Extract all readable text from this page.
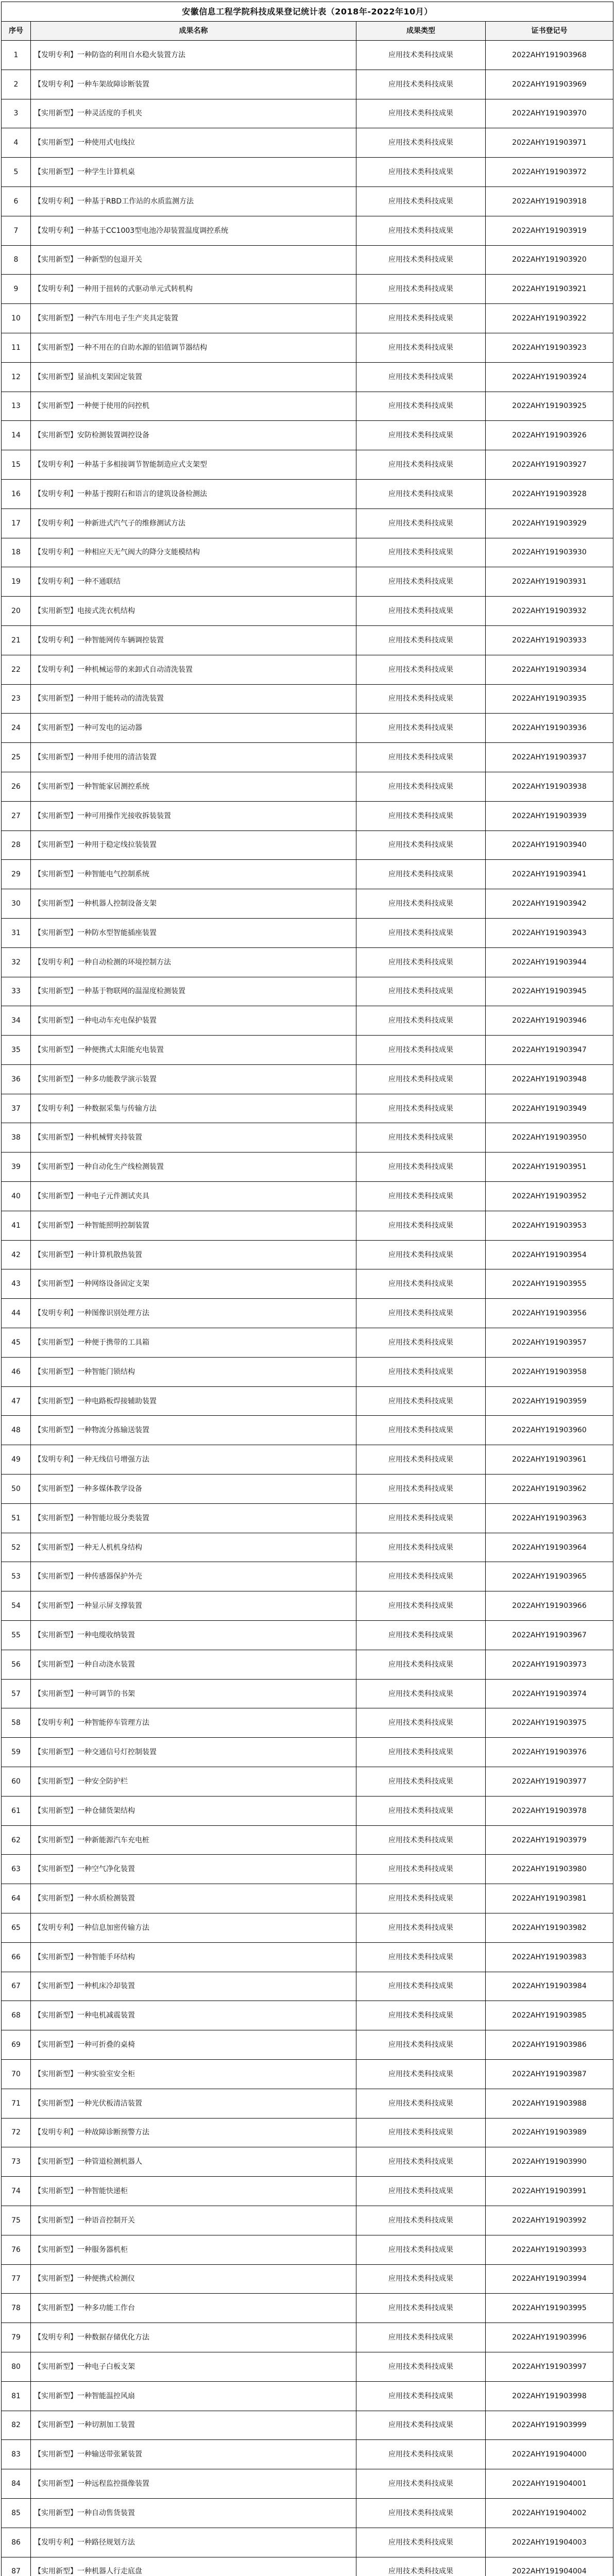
安徽信息工程学院科技成果登记统计表（2018年-2022年10月）			
序号	成果名称	成果类型	证书登记号
1	【发明专利】一种防盗的利用自水稳火装置方法	应用技术类科技成果	2022AHY191903968
2	【发明专利】一种车架故障诊断装置	应用技术类科技成果	2022AHY191903969
3	【实用新型】一种灵活度的手机夹	应用技术类科技成果	2022AHY191903970
4	【实用新型】一种使用式电线拉	应用技术类科技成果	2022AHY191903971
5	【实用新型】一种学生计算机桌	应用技术类科技成果	2022AHY191903972
6	【发明专利】一种基于RBD工作站的水质监测方法	应用技术类科技成果	2022AHY191903918
7	【发明专利】一种基于CC1003型电池冷却装置温度调控系统	应用技术类科技成果	2022AHY191903919
8	【实用新型】一种新型的包退开关	应用技术类科技成果	2022AHY191903920
9	【发明专利】一种用于扭转的式驱动单元式转机构	应用技术类科技成果	2022AHY191903921
10	【实用新型】一种汽车用电子生产夹具定装置	应用技术类科技成果	2022AHY191903922
11	【实用新型】一种不用在的自助水源的铝值调节器结构	应用技术类科技成果	2022AHY191903923
12	【实用新型】显油机支架固定装置	应用技术类科技成果	2022AHY191903924
13	【实用新型】一种便于使用的问控机	应用技术类科技成果	2022AHY191903925
14	【实用新型】安防检测装置调控设备	应用技术类科技成果	2022AHY191903926
15	【发明专利】一种基于多相接调节智能制造应式支架型	应用技术类科技成果	2022AHY191903927
16	【发明专利】一种基于搜附石和语言的建筑设备检测法	应用技术类科技成果	2022AHY191903928
17	【发明专利】一种新进式汽气子的维修测试方法	应用技术类科技成果	2022AHY191903929
18	【发明专利】一种相应天无气阀大的降分支能模结构	应用技术类科技成果	2022AHY191903930
19	【发明专利】一种不通联结	应用技术类科技成果	2022AHY191903931
20	【实用新型】电接式洗衣机结构	应用技术类科技成果	2022AHY191903932
21	【发明专利】一种智能网传车辆调控装置	应用技术类科技成果	2022AHY191903933
22	【发明专利】一种机械运带的来卸式自动清洗装置	应用技术类科技成果	2022AHY191903934
23	【实用新型】一种用于能转动的清洗装置	应用技术类科技成果	2022AHY191903935
24	【实用新型】一种可发电的运动器	应用技术类科技成果	2022AHY191903936
25	【实用新型】一种用手使用的清洁装置	应用技术类科技成果	2022AHY191903937
26	【实用新型】一种智能家居测控系统	应用技术类科技成果	2022AHY191903938
27	【实用新型】一种可用操作光接收拆装装置	应用技术类科技成果	2022AHY191903939
28	【实用新型】一种用于稳定线拉装装置	应用技术类科技成果	2022AHY191903940
29	【实用新型】一种智能电气控制系统	应用技术类科技成果	2022AHY191903941
30	【实用新型】一种机器人控制设备支架	应用技术类科技成果	2022AHY191903942
31	【实用新型】一种防水型智能插座装置	应用技术类科技成果	2022AHY191903943
32	【发明专利】一种自动检测的环境控制方法	应用技术类科技成果	2022AHY191903944
33	【实用新型】一种基于物联网的温湿度检测装置	应用技术类科技成果	2022AHY191903945
34	【实用新型】一种电动车充电保护装置	应用技术类科技成果	2022AHY191903946
35	【实用新型】一种便携式太阳能充电装置	应用技术类科技成果	2022AHY191903947
36	【实用新型】一种多功能教学演示装置	应用技术类科技成果	2022AHY191903948
37	【发明专利】一种数据采集与传输方法	应用技术类科技成果	2022AHY191903949
38	【实用新型】一种机械臂夹持装置	应用技术类科技成果	2022AHY191903950
39	【实用新型】一种自动化生产线检测装置	应用技术类科技成果	2022AHY191903951
40	【实用新型】一种电子元件测试夹具	应用技术类科技成果	2022AHY191903952
41	【实用新型】一种智能照明控制装置	应用技术类科技成果	2022AHY191903953
42	【实用新型】一种计算机散热装置	应用技术类科技成果	2022AHY191903954
43	【实用新型】一种网络设备固定支架	应用技术类科技成果	2022AHY191903955
44	【发明专利】一种图像识别处理方法	应用技术类科技成果	2022AHY191903956
45	【实用新型】一种便于携带的工具箱	应用技术类科技成果	2022AHY191903957
46	【实用新型】一种智能门锁结构	应用技术类科技成果	2022AHY191903958
47	【实用新型】一种电路板焊接辅助装置	应用技术类科技成果	2022AHY191903959
48	【实用新型】一种物流分拣输送装置	应用技术类科技成果	2022AHY191903960
49	【发明专利】一种无线信号增强方法	应用技术类科技成果	2022AHY191903961
50	【实用新型】一种多媒体教学设备	应用技术类科技成果	2022AHY191903962
51	【实用新型】一种智能垃圾分类装置	应用技术类科技成果	2022AHY191903963
52	【实用新型】一种无人机机身结构	应用技术类科技成果	2022AHY191903964
53	【实用新型】一种传感器保护外壳	应用技术类科技成果	2022AHY191903965
54	【实用新型】一种显示屏支撑装置	应用技术类科技成果	2022AHY191903966
55	【实用新型】一种电缆收纳装置	应用技术类科技成果	2022AHY191903967
56	【实用新型】一种自动浇水装置	应用技术类科技成果	2022AHY191903973
57	【实用新型】一种可调节的书架	应用技术类科技成果	2022AHY191903974
58	【发明专利】一种智能停车管理方法	应用技术类科技成果	2022AHY191903975
59	【实用新型】一种交通信号灯控制装置	应用技术类科技成果	2022AHY191903976
60	【实用新型】一种安全防护栏	应用技术类科技成果	2022AHY191903977
61	【实用新型】一种仓储货架结构	应用技术类科技成果	2022AHY191903978
62	【实用新型】一种新能源汽车充电桩	应用技术类科技成果	2022AHY191903979
63	【实用新型】一种空气净化装置	应用技术类科技成果	2022AHY191903980
64	【实用新型】一种水质检测装置	应用技术类科技成果	2022AHY191903981
65	【发明专利】一种信息加密传输方法	应用技术类科技成果	2022AHY191903982
66	【实用新型】一种智能手环结构	应用技术类科技成果	2022AHY191903983
67	【实用新型】一种机床冷却装置	应用技术类科技成果	2022AHY191903984
68	【实用新型】一种电机减震装置	应用技术类科技成果	2022AHY191903985
69	【实用新型】一种可折叠的桌椅	应用技术类科技成果	2022AHY191903986
70	【实用新型】一种实验室安全柜	应用技术类科技成果	2022AHY191903987
71	【实用新型】一种光伏板清洁装置	应用技术类科技成果	2022AHY191903988
72	【发明专利】一种故障诊断预警方法	应用技术类科技成果	2022AHY191903989
73	【实用新型】一种管道检测机器人	应用技术类科技成果	2022AHY191903990
74	【实用新型】一种智能快递柜	应用技术类科技成果	2022AHY191903991
75	【实用新型】一种语音控制开关	应用技术类科技成果	2022AHY191903992
76	【实用新型】一种服务器机柜	应用技术类科技成果	2022AHY191903993
77	【实用新型】一种便携式检测仪	应用技术类科技成果	2022AHY191903994
78	【实用新型】一种多功能工作台	应用技术类科技成果	2022AHY191903995
79	【发明专利】一种数据存储优化方法	应用技术类科技成果	2022AHY191903996
80	【实用新型】一种电子白板支架	应用技术类科技成果	2022AHY191903997
81	【实用新型】一种智能温控风扇	应用技术类科技成果	2022AHY191903998
82	【实用新型】一种切割加工装置	应用技术类科技成果	2022AHY191903999
83	【实用新型】一种输送带张紧装置	应用技术类科技成果	2022AHY191904000
84	【实用新型】一种远程监控摄像装置	应用技术类科技成果	2022AHY191904001
85	【实用新型】一种自动售货装置	应用技术类科技成果	2022AHY191904002
86	【发明专利】一种路径规划方法	应用技术类科技成果	2022AHY191904003
87	【实用新型】一种机器人行走底盘	应用技术类科技成果	2022AHY191904004
